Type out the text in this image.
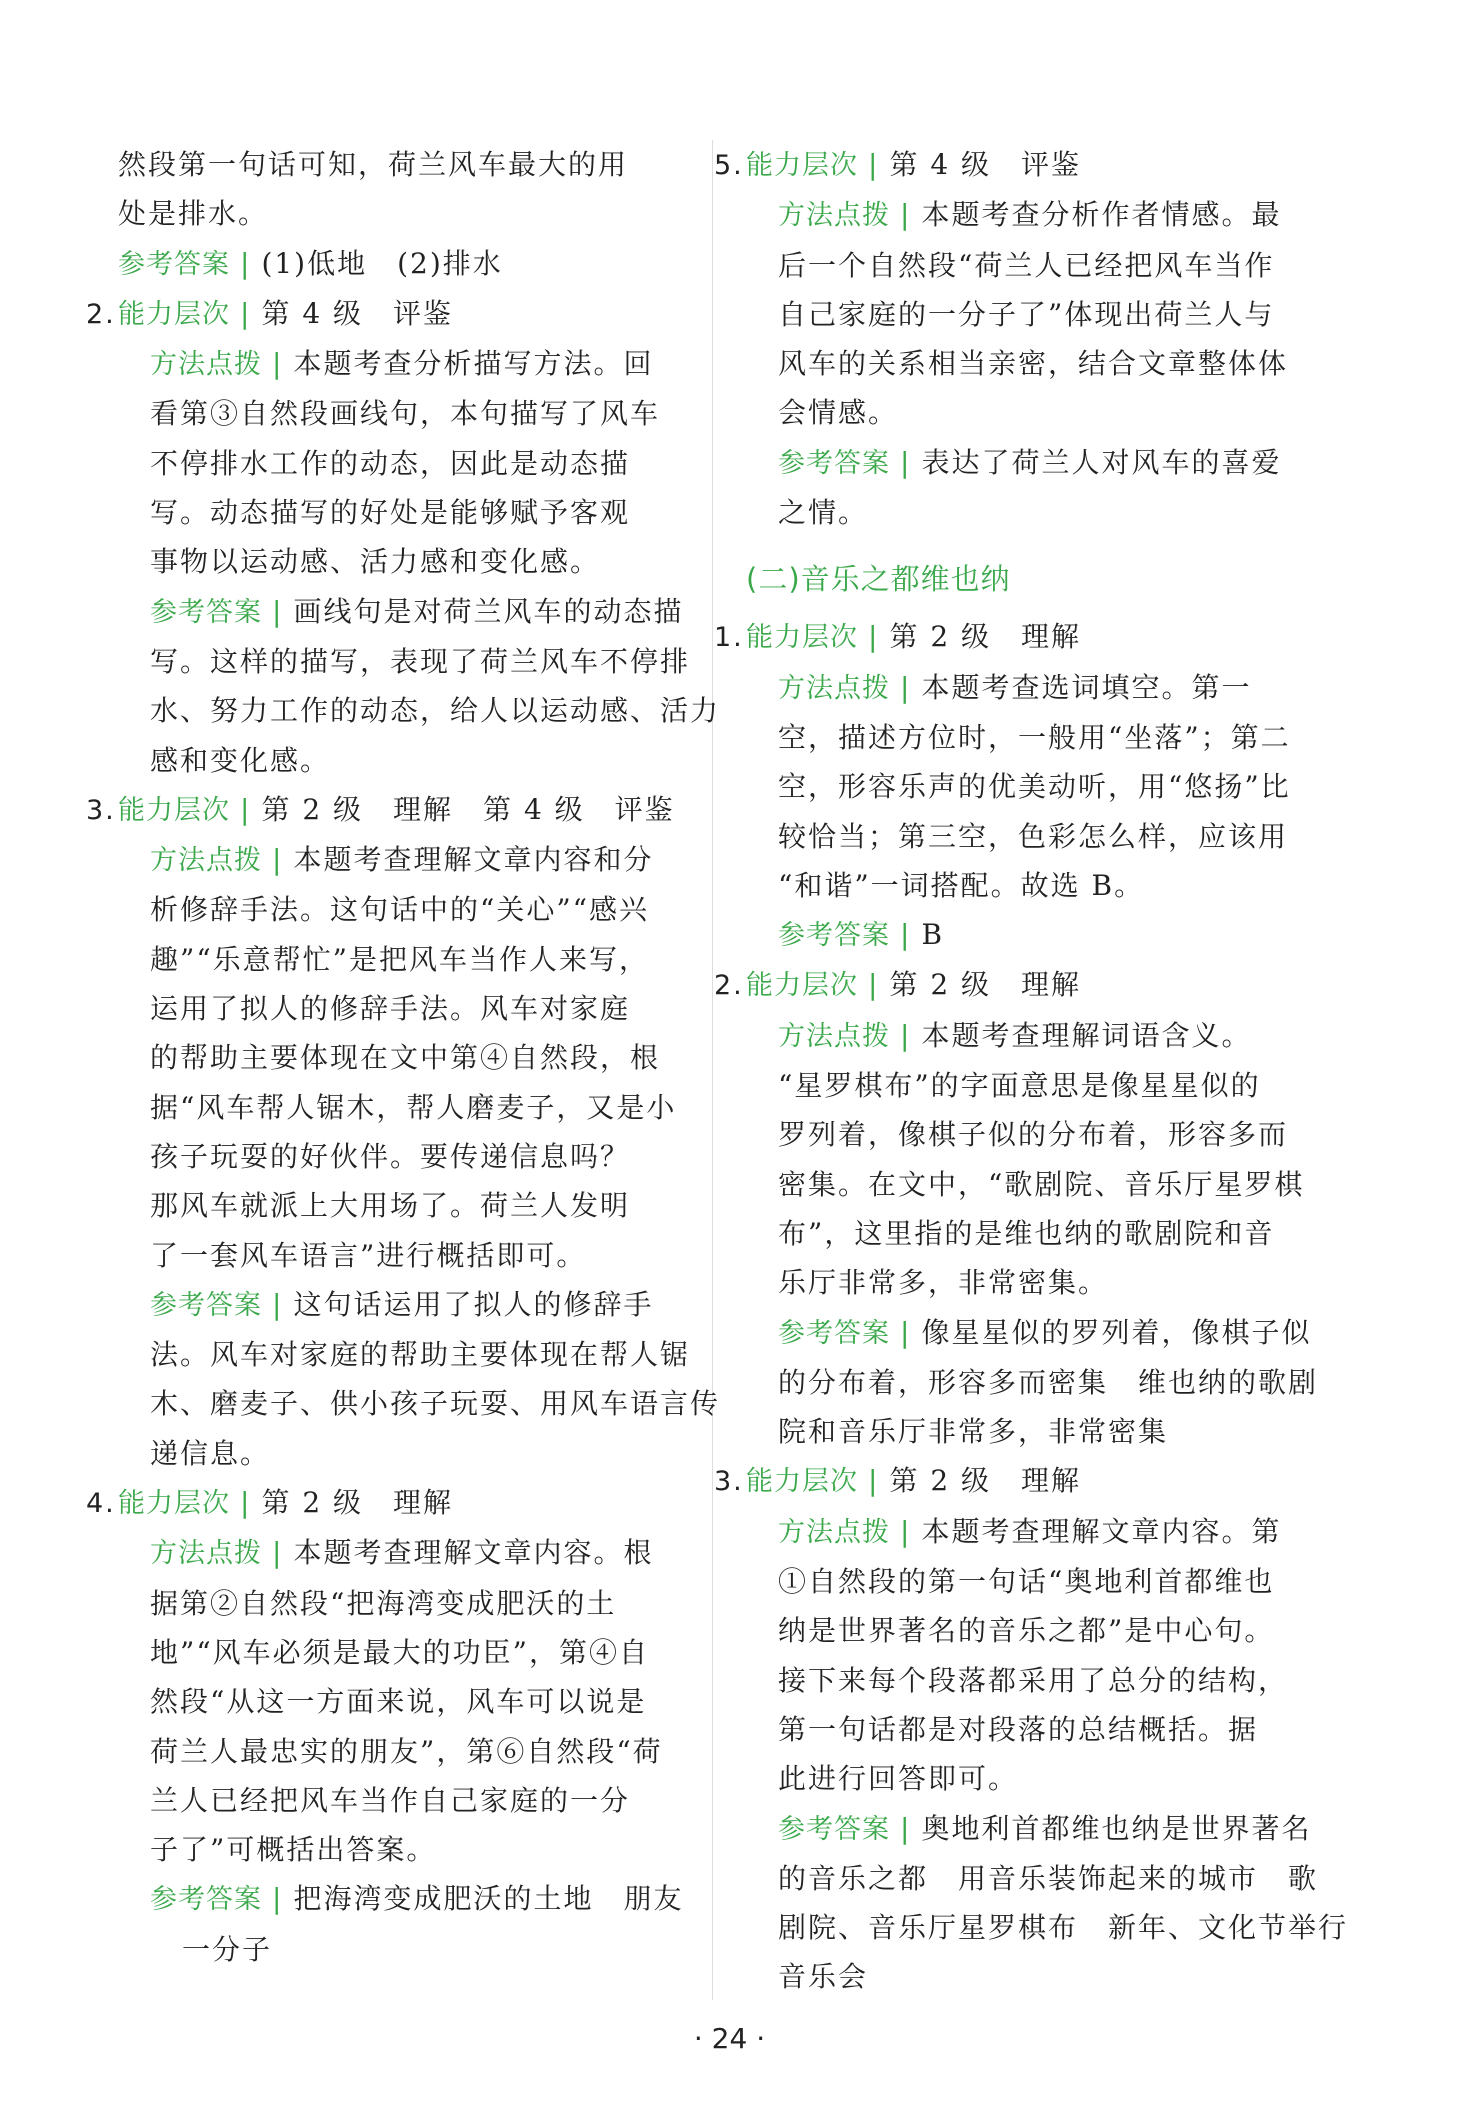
然段第一句话可知，荷兰风车最大的用
处是排水。
参考答案 | (1)低地　(2)排水
2.能力层次 | 第 4 级　评鉴
方法点拨 | 本题考查分析描写方法。回
看第③自然段画线句，本句描写了风车
不停排水工作的动态，因此是动态描
写。动态描写的好处是能够赋予客观
事物以运动感、活力感和变化感。
参考答案 | 画线句是对荷兰风车的动态描
写。这样的描写，表现了荷兰风车不停排
水、努力工作的动态，给人以运动感、活力
感和变化感。
3.能力层次 | 第 2 级　理解　第 4 级　评鉴
方法点拨 | 本题考查理解文章内容和分
析修辞手法。这句话中的“关心”“感兴
趣”“乐意帮忙”是把风车当作人来写，
运用了拟人的修辞手法。风车对家庭
的帮助主要体现在文中第④自然段，根
据“风车帮人锯木，帮人磨麦子，又是小
孩子玩耍的好伙伴。要传递信息吗？
那风车就派上大用场了。荷兰人发明
了一套风车语言”进行概括即可。
参考答案 | 这句话运用了拟人的修辞手
法。风车对家庭的帮助主要体现在帮人锯
木、磨麦子、供小孩子玩耍、用风车语言传
递信息。
4.能力层次 | 第 2 级　理解
方法点拨 | 本题考查理解文章内容。根
据第②自然段“把海湾变成肥沃的土
地”“风车必须是最大的功臣”，第④自
然段“从这一方面来说，风车可以说是
荷兰人最忠实的朋友”，第⑥自然段“荷
兰人已经把风车当作自己家庭的一分
子了”可概括出答案。
参考答案 | 把海湾变成肥沃的土地　朋友
一分子
5.能力层次 | 第 4 级　评鉴
方法点拨 | 本题考查分析作者情感。最
后一个自然段“荷兰人已经把风车当作
自己家庭的一分子了”体现出荷兰人与
风车的关系相当亲密，结合文章整体体
会情感。
参考答案 | 表达了荷兰人对风车的喜爱
之情。
(二)音乐之都维也纳
1.能力层次 | 第 2 级　理解
方法点拨 | 本题考查选词填空。第一
空，描述方位时，一般用“坐落”；第二
空，形容乐声的优美动听，用“悠扬”比
较恰当；第三空，色彩怎么样，应该用
“和谐”一词搭配。故选 B。
参考答案 | B
2.能力层次 | 第 2 级　理解
方法点拨 | 本题考查理解词语含义。
“星罗棋布”的字面意思是像星星似的
罗列着，像棋子似的分布着，形容多而
密集。在文中，“歌剧院、音乐厅星罗棋
布”，这里指的是维也纳的歌剧院和音
乐厅非常多，非常密集。
参考答案 | 像星星似的罗列着，像棋子似
的分布着，形容多而密集　维也纳的歌剧
院和音乐厅非常多，非常密集
3.能力层次 | 第 2 级　理解
方法点拨 | 本题考查理解文章内容。第
①自然段的第一句话“奥地利首都维也
纳是世界著名的音乐之都”是中心句。
接下来每个段落都采用了总分的结构，
第一句话都是对段落的总结概括。据
此进行回答即可。
参考答案 | 奥地利首都维也纳是世界著名
的音乐之都　用音乐装饰起来的城市　歌
剧院、音乐厅星罗棋布　新年、文化节举行
音乐会
· 24 ·
